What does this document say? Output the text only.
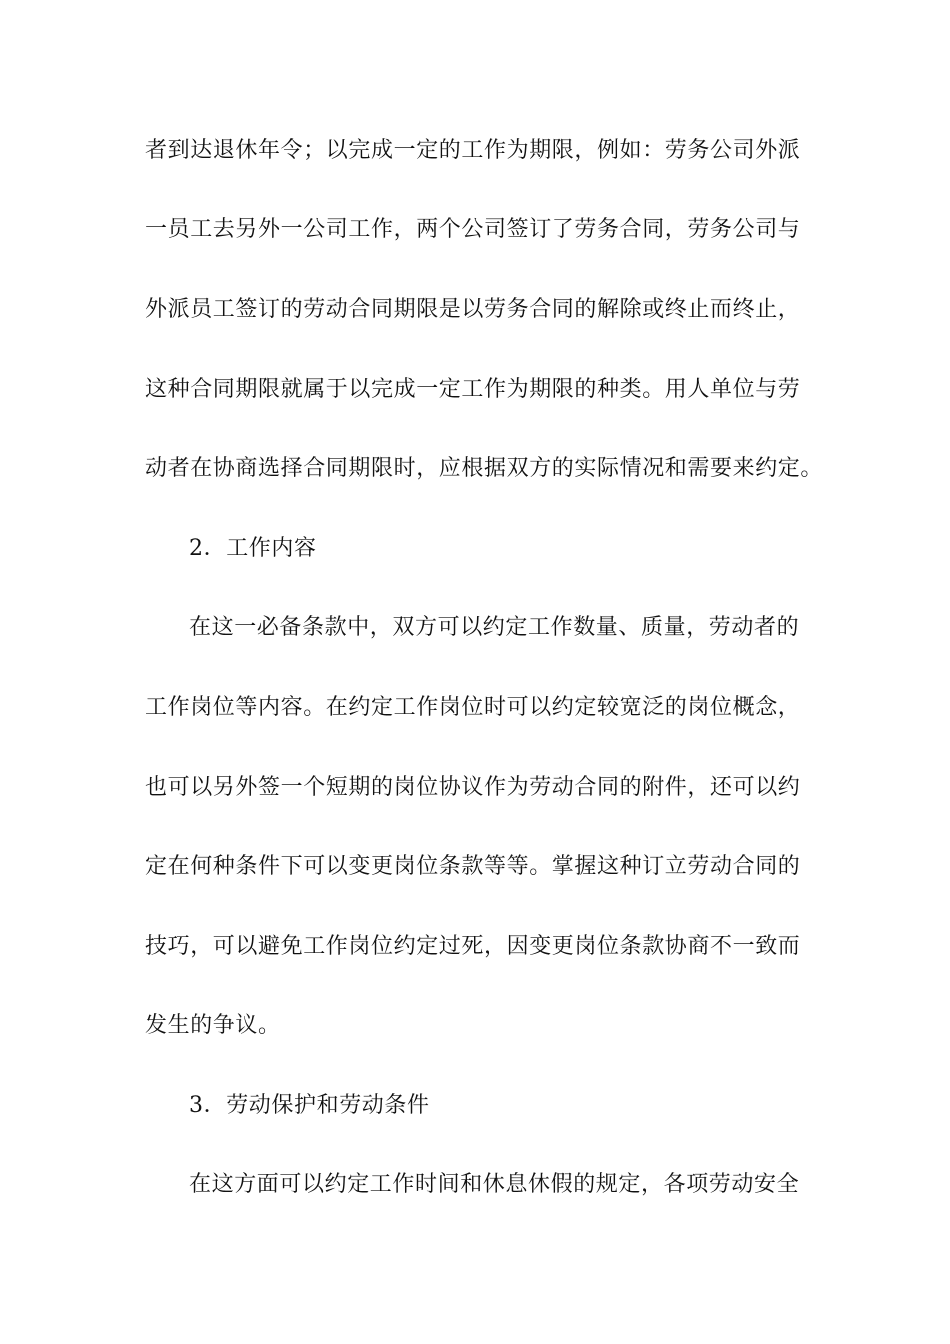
者到达退休年令；以完成一定的工作为期限，例如：劳务公司外派
一员工去另外一公司工作，两个公司签订了劳务合同，劳务公司与
外派员工签订的劳动合同期限是以劳务合同的解除或终止而终止，
这种合同期限就属于以完成一定工作为期限的种类。用人单位与劳
动者在协商选择合同期限时，应根据双方的实际情况和需要来约定。
2．工作内容
在这一必备条款中，双方可以约定工作数量、质量，劳动者的
工作岗位等内容。在约定工作岗位时可以约定较宽泛的岗位概念，
也可以另外签一个短期的岗位协议作为劳动合同的附件，还可以约
定在何种条件下可以变更岗位条款等等。掌握这种订立劳动合同的
技巧，可以避免工作岗位约定过死，因变更岗位条款协商不一致而
发生的争议。
3．劳动保护和劳动条件
在这方面可以约定工作时间和休息休假的规定，各项劳动安全
